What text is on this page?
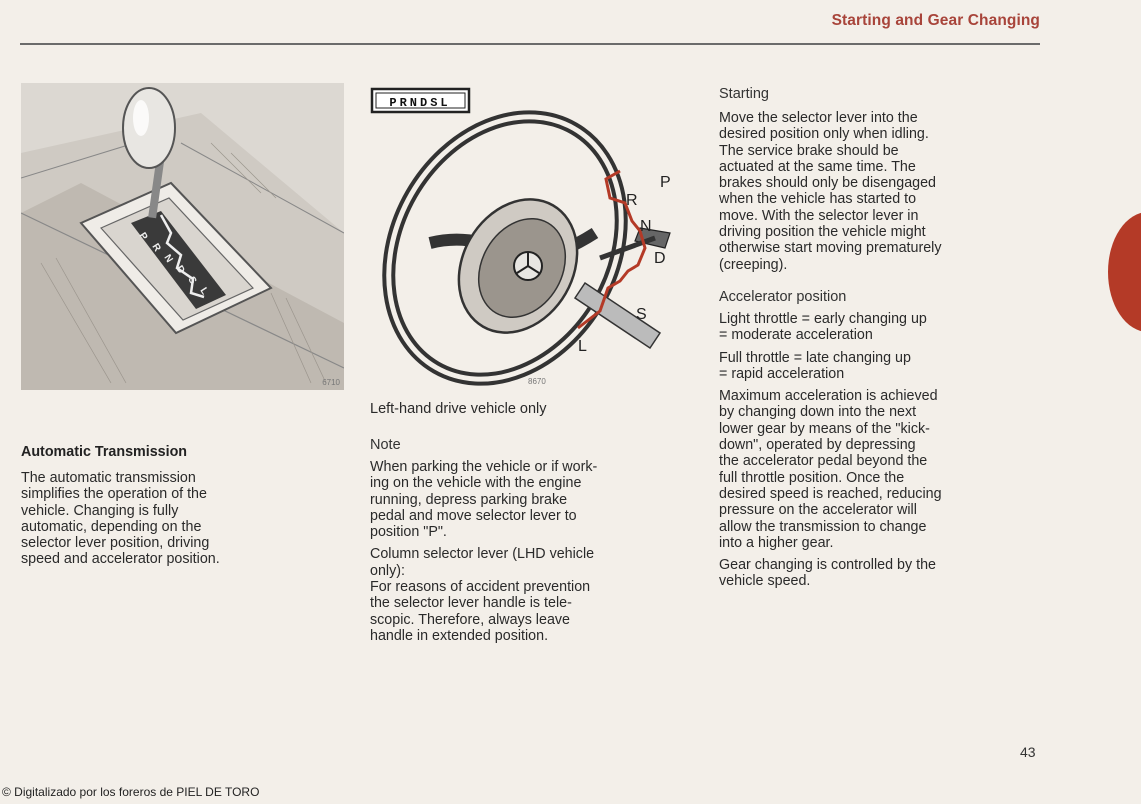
Starting and Gear Changing
P
R
N
D
S
L
6710
PRNDSL
P
R
N
D
S
L
8670
Automatic Transmission

The automatic transmission

simplifies the operation of the

vehicle. Changing is fully

automatic, depending on the

selector lever position, driving

speed and accelerator position.

Left-hand drive vehicle only
Note

When parking the vehicle or if work-

ing on the vehicle with the engine

running, depress parking brake

pedal and move selector lever to

position "P".

Column selector lever (LHD vehicle

only):

For reasons of accident prevention

the selector lever handle is tele-

scopic. Therefore, always leave

handle in extended position.

Starting

Move the selector lever into the

desired position only when idling.

The service brake should be

actuated at the same time. The

brakes should only be disengaged

when the vehicle has started to

move. With the selector lever in

driving position the vehicle might

otherwise start moving prematurely

(creeping).

Accelerator position

Light throttle = early changing up

= moderate acceleration

Full throttle = late changing up

= rapid acceleration

Maximum acceleration is achieved

by changing down into the next

lower gear by means of the "kick-

down", operated by depressing

the accelerator pedal beyond the

full throttle position. Once the

desired speed is reached, reducing

pressure on the accelerator will

allow the transmission to change

into a higher gear.

Gear changing is controlled by the

vehicle speed.

43
© Digitalizado por los foreros de PIEL DE TORO
